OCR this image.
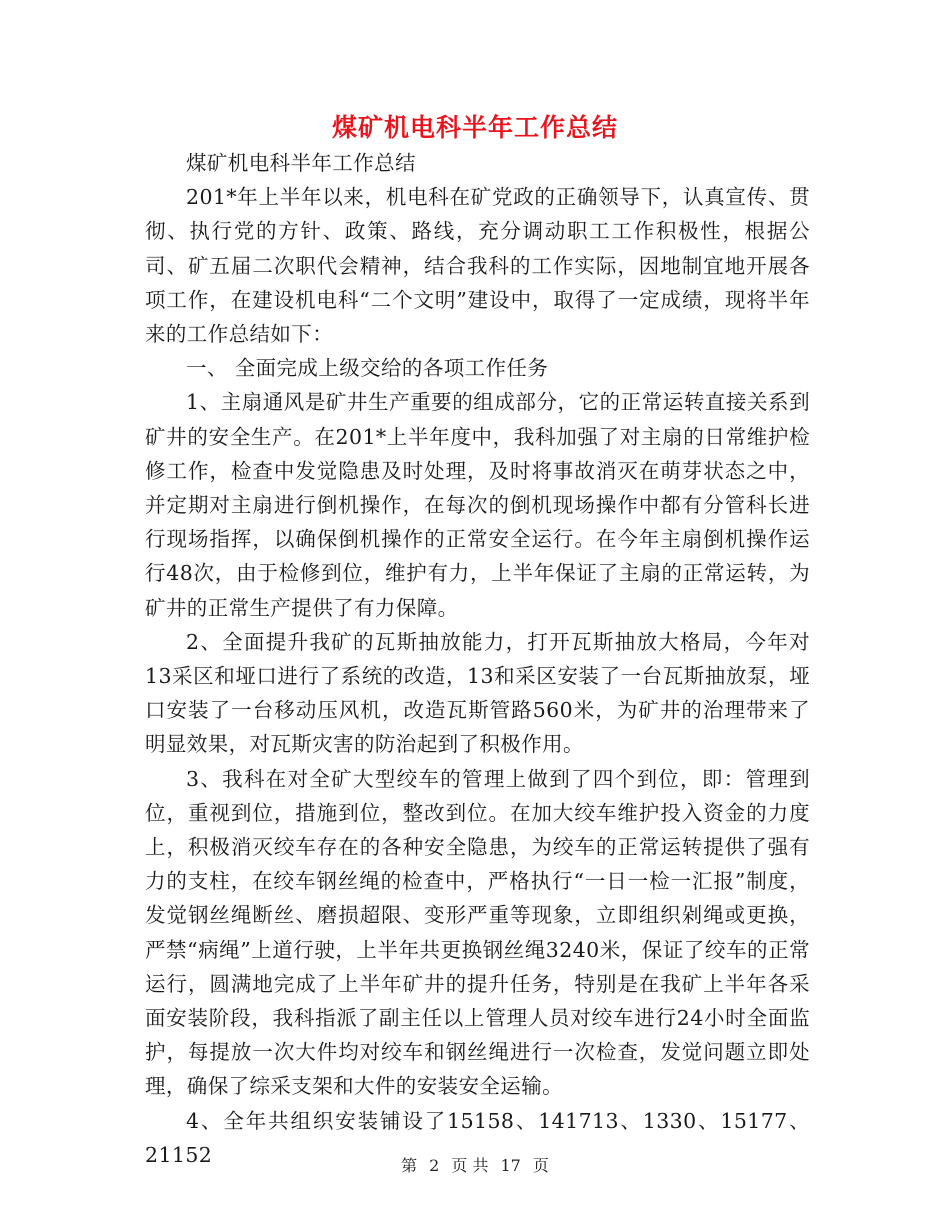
煤矿机电科半年工作总结

煤矿机电科半年工作总结

201*年上半年以来，机电科在矿党政的正确领导下，认真宣传、贯彻、执行党的方针、政策、路线，充分调动职工工作积极性，根据公司、矿五届二次职代会精神，结合我科的工作实际，因地制宜地开展各项工作，在建设机电科“二个文明”建设中，取得了一定成绩，现将半年来的工作总结如下：

一、 全面完成上级交给的各项工作任务

1、主扇通风是矿井生产重要的组成部分，它的正常运转直接关系到矿井的安全生产。在201*上半年度中，我科加强了对主扇的日常维护检修工作，检查中发觉隐患及时处理，及时将事故消灭在萌芽状态之中，并定期对主扇进行倒机操作，在每次的倒机现场操作中都有分管科长进行现场指挥，以确保倒机操作的正常安全运行。在今年主扇倒机操作运行48次，由于检修到位，维护有力，上半年保证了主扇的正常运转，为矿井的正常生产提供了有力保障。

2、全面提升我矿的瓦斯抽放能力，打开瓦斯抽放大格局，今年对13采区和垭口进行了系统的改造，13和采区安装了一台瓦斯抽放泵，垭口安装了一台移动压风机，改造瓦斯管路560米，为矿井的治理带来了明显效果，对瓦斯灾害的防治起到了积极作用。

3、我科在对全矿大型绞车的管理上做到了四个到位，即：管理到位，重视到位，措施到位，整改到位。在加大绞车维护投入资金的力度上，积极消灭绞车存在的各种安全隐患，为绞车的正常运转提供了强有力的支柱，在绞车钢丝绳的检查中，严格执行“一日一检一汇报”制度，发觉钢丝绳断丝、磨损超限、变形严重等现象，立即组织剁绳或更换，严禁“病绳”上道行驶，上半年共更换钢丝绳3240米，保证了绞车的正常运行，圆满地完成了上半年矿井的提升任务，特别是在我矿上半年各采面安装阶段，我科指派了副主任以上管理人员对绞车进行24小时全面监护，每提放一次大件均对绞车和钢丝绳进行一次检查，发觉问题立即处理，确保了综采支架和大件的安装安全运输。

4、全年共组织安装铺设了15158、141713、1330、15177、21152	第 2 页 共 17 页
